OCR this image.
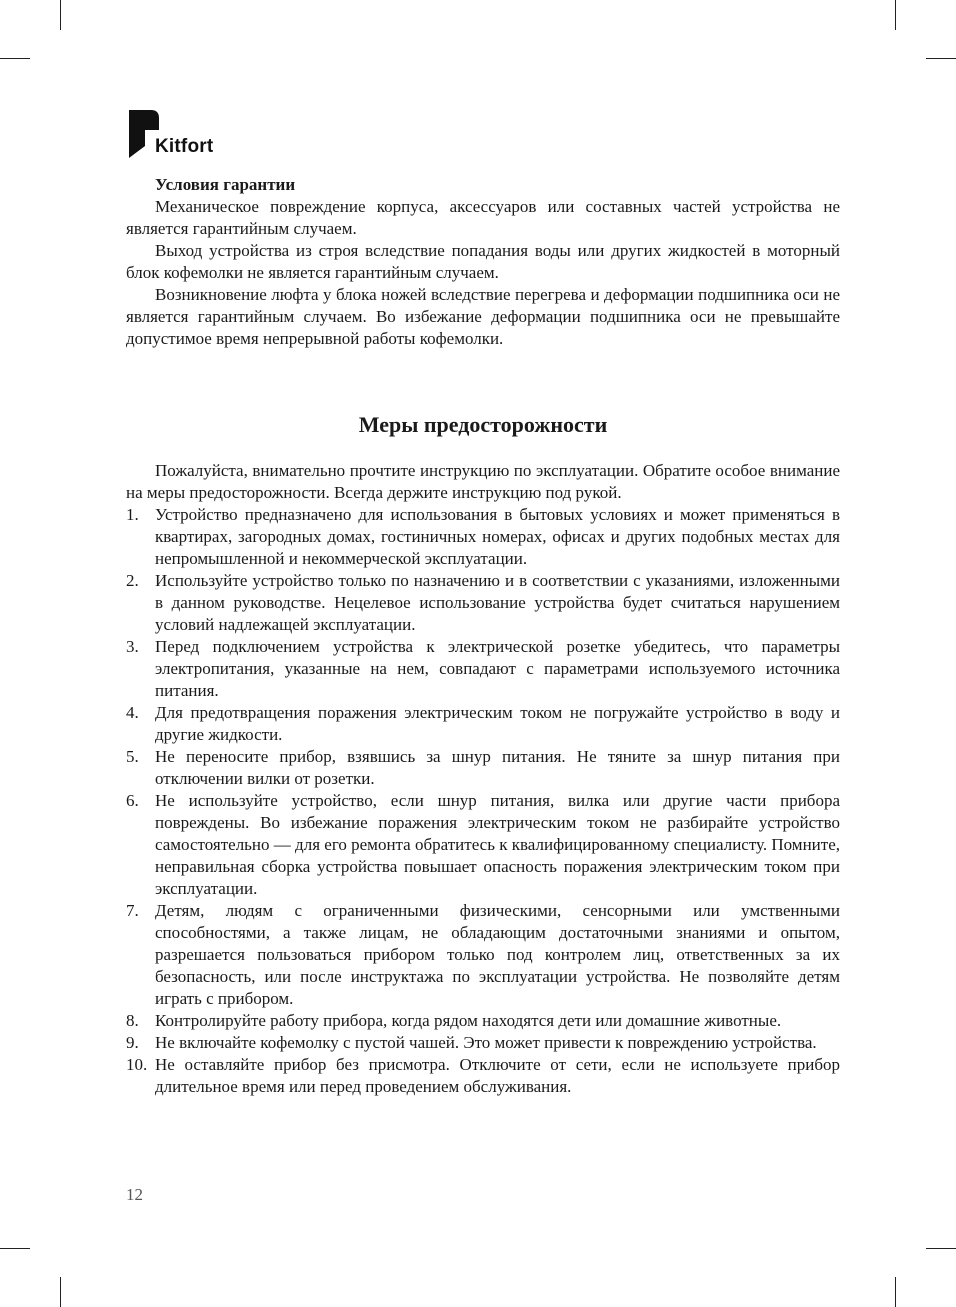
Kitfort

Условия гарантии

Механическое повреждение корпуса, аксессуаров или составных частей устройства не является гарантийным случаем.

Выход устройства из строя вследствие попадания воды или других жидкостей в моторный блок кофемолки не является гарантийным случаем.

Возникновение люфта у блока ножей вследствие перегрева и деформации подшипника оси не является гарантийным случаем. Во избежание деформации подшипника оси не превышайте допустимое время непрерывной работы кофемолки.

Меры предосторожности

Пожалуйста, внимательно прочтите инструкцию по эксплуатации. Обратите особое внимание на меры предосторожности. Всегда держите инструкцию под рукой.

1. Устройство предназначено для использования в бытовых условиях и может применяться в квартирах, загородных домах, гостиничных номерах, офисах и других подобных местах для непромышленной и некоммерческой эксплуатации.
2. Используйте устройство только по назначению и в соответствии с указаниями, изложенными в данном руководстве. Нецелевое использование устройства будет считаться нарушением условий надлежащей эксплуатации.
3. Перед подключением устройства к электрической розетке убедитесь, что параметры электропитания, указанные на нем, совпадают с параметрами используемого источника питания.
4. Для предотвращения поражения электрическим током не погружайте устройство в воду и другие жидкости.
5. Не переносите прибор, взявшись за шнур питания. Не тяните за шнур питания при отключении вилки от розетки.
6. Не используйте устройство, если шнур питания, вилка или другие части прибора повреждены. Во избежание поражения электрическим током не разбирайте устройство самостоятельно — для его ремонта обратитесь к квалифицированному специалисту. Помните, неправильная сборка устройства повышает опасность поражения электрическим током при эксплуатации.
7. Детям, людям с ограниченными физическими, сенсорными или умственными способностями, а также лицам, не обладающим достаточными знаниями и опытом, разрешается пользоваться прибором только под контролем лиц, ответственных за их безопасность, или после инструктажа по эксплуатации устройства. Не позволяйте детям играть с прибором.
8. Контролируйте работу прибора, когда рядом находятся дети или домашние животные.
9. Не включайте кофемолку с пустой чашей. Это может привести к повреждению устройства.
10. Не оставляйте прибор без присмотра. Отключите от сети, если не используете прибор длительное время или перед проведением обслуживания.
12
